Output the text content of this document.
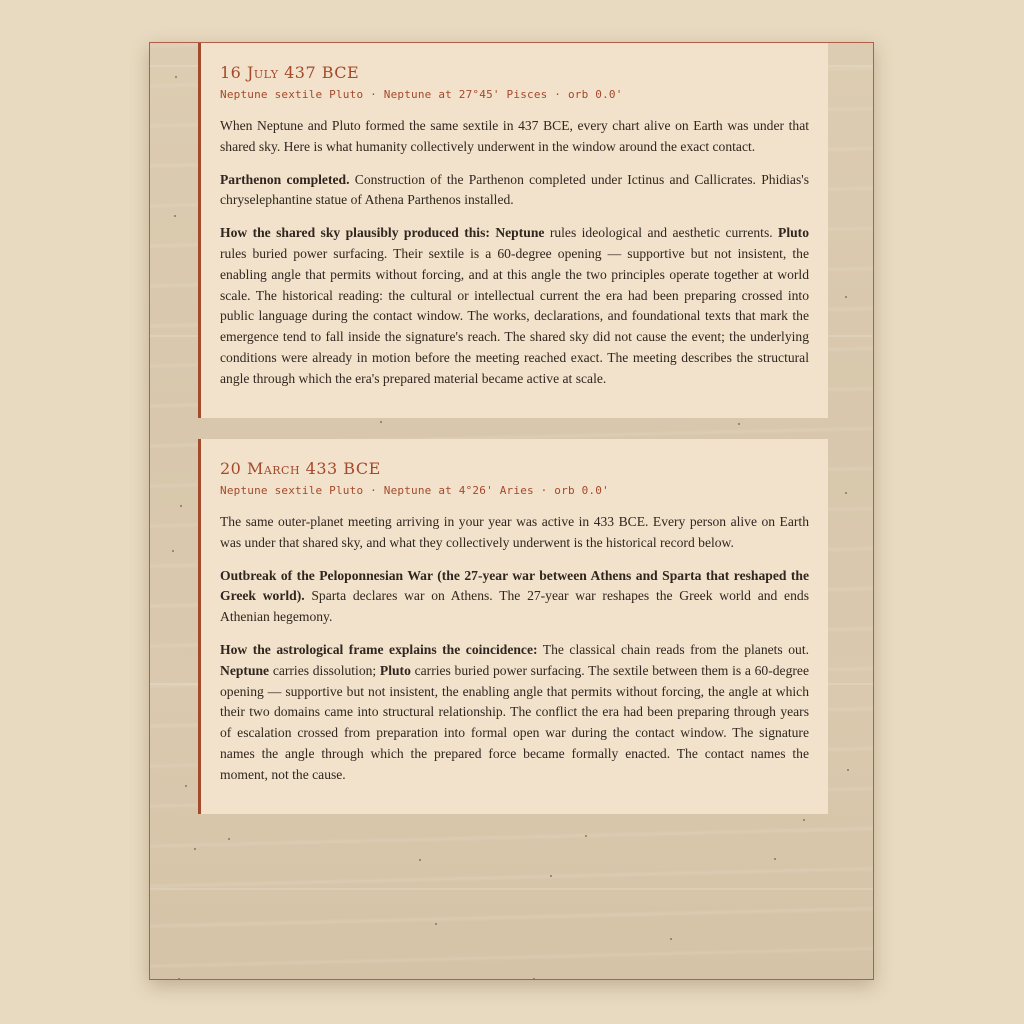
16 July 437 BCE
Neptune sextile Pluto · Neptune at 27°45' Pisces · orb 0.0'

When Neptune and Pluto formed the same sextile in 437 BCE, every chart alive on Earth was under that shared sky. Here is what humanity collectively underwent in the window around the exact contact.

Parthenon completed. Construction of the Parthenon completed under Ictinus and Callicrates. Phidias's chryselephantine statue of Athena Parthenos installed.

How the shared sky plausibly produced this: Neptune rules ideological and aesthetic currents. Pluto rules buried power surfacing. Their sextile is a 60-degree opening — supportive but not insistent, the enabling angle that permits without forcing, and at this angle the two principles operate together at world scale. The historical reading: the cultural or intellectual current the era had been preparing crossed into public language during the contact window. The works, declarations, and foundational texts that mark the emergence tend to fall inside the signature's reach. The shared sky did not cause the event; the underlying conditions were already in motion before the meeting reached exact. The meeting describes the structural angle through which the era's prepared material became active at scale.

20 March 433 BCE
Neptune sextile Pluto · Neptune at 4°26' Aries · orb 0.0'

The same outer-planet meeting arriving in your year was active in 433 BCE. Every person alive on Earth was under that shared sky, and what they collectively underwent is the historical record below.

Outbreak of the Peloponnesian War (the 27-year war between Athens and Sparta that reshaped the Greek world). Sparta declares war on Athens. The 27-year war reshapes the Greek world and ends Athenian hegemony.

How the astrological frame explains the coincidence: The classical chain reads from the planets out. Neptune carries dissolution; Pluto carries buried power surfacing. The sextile between them is a 60-degree opening — supportive but not insistent, the enabling angle that permits without forcing, the angle at which their two domains came into structural relationship. The conflict the era had been preparing through years of escalation crossed from preparation into formal open war during the contact window. The signature names the angle through which the prepared force became formally enacted. The contact names the moment, not the cause.
